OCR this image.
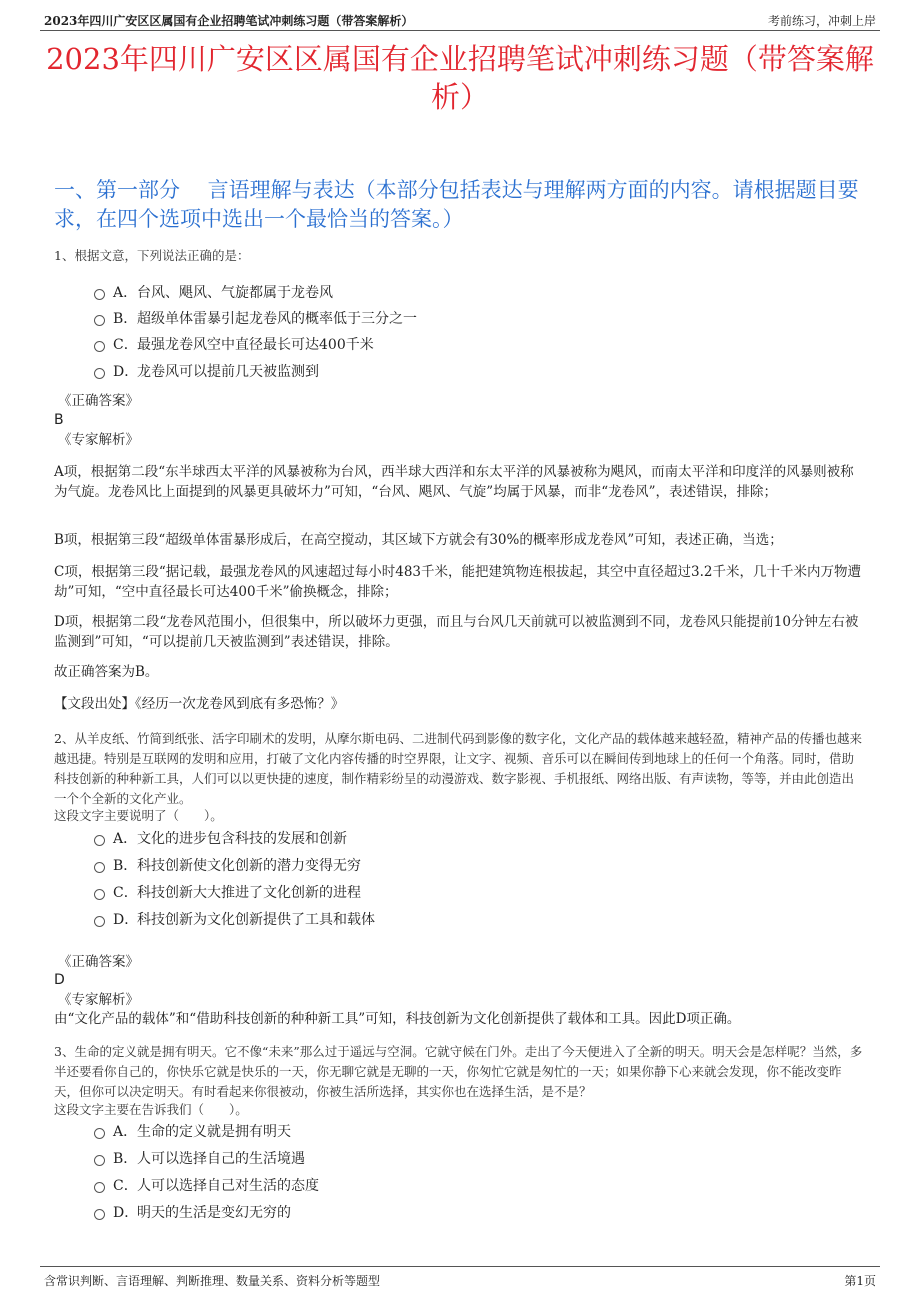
2023年四川广安区区属国有企业招聘笔试冲刺练习题（带答案解析）	考前练习，冲刺上岸
2023年四川广安区区属国有企业招聘笔试冲刺练习题（带答案解析）
一、第一部分　 言语理解与表达（本部分包括表达与理解两方面的内容。请根据题目要求，在四个选项中选出一个最恰当的答案。）
1、根据文意，下列说法正确的是：
A．台风、飓风、气旋都属于龙卷风
B．超级单体雷暴引起龙卷风的概率低于三分之一
C．最强龙卷风空中直径最长可达400千米
D．龙卷风可以提前几天被监测到
《正确答案》
B
《专家解析》
A项，根据第二段“东半球西太平洋的风暴被称为台风，西半球大西洋和东太平洋的风暴被称为飓风，而南太平洋和印度洋的风暴则被称为气旋。龙卷风比上面提到的风暴更具破坏力”可知，“台风、飓风、气旋”均属于风暴，而非“龙卷风”，表述错误，排除；
B项，根据第三段“超级单体雷暴形成后，在高空搅动，其区域下方就会有30%的概率形成龙卷风”可知，表述正确，当选；
C项，根据第三段“据记载，最强龙卷风的风速超过每小时483千米，能把建筑物连根拔起，其空中直径超过3.2千米，几十千米内万物遭劫”可知，“空中直径最长可达400千米”偷换概念，排除；
D项，根据第二段“龙卷风范围小，但很集中，所以破坏力更强，而且与台风几天前就可以被监测到不同，龙卷风只能提前10分钟左右被监测到”可知，“可以提前几天被监测到”表述错误，排除。
故正确答案为B。
【文段出处】《经历一次龙卷风到底有多恐怖？》
2、从羊皮纸、竹简到纸张、活字印刷术的发明，从摩尔斯电码、二进制代码到影像的数字化，文化产品的载体越来越轻盈，精神产品的传播也越来越迅捷。特别是互联网的发明和应用，打破了文化内容传播的时空界限，让文字、视频、音乐可以在瞬间传到地球上的任何一个角落。同时，借助科技创新的种种新工具，人们可以以更快捷的速度，制作精彩纷呈的动漫游戏、数字影视、手机报纸、网络出版、有声读物，等等，并由此创造出一个个全新的文化产业。
这段文字主要说明了（　　）。
A．文化的进步包含科技的发展和创新
B．科技创新使文化创新的潜力变得无穷
C．科技创新大大推进了文化创新的进程
D．科技创新为文化创新提供了工具和载体
《正确答案》
D
《专家解析》
由“文化产品的载体”和“借助科技创新的种种新工具”可知，科技创新为文化创新提供了载体和工具。因此D项正确。
3、生命的定义就是拥有明天。它不像“未来”那么过于遥远与空洞。它就守候在门外。走出了今天便进入了全新的明天。明天会是怎样呢？当然，多半还要看你自己的，你快乐它就是快乐的一天，你无聊它就是无聊的一天，你匆忙它就是匆忙的一天；如果你静下心来就会发现，你不能改变昨天，但你可以决定明天。有时看起来你很被动，你被生活所选择，其实你也在选择生活，是不是？
这段文字主要在告诉我们（　　）。
A．生命的定义就是拥有明天
B．人可以选择自己的生活境遇
C．人可以选择自己对生活的态度
D．明天的生活是变幻无穷的
含常识判断、言语理解、判断推理、数量关系、资料分析等题型	第1页
